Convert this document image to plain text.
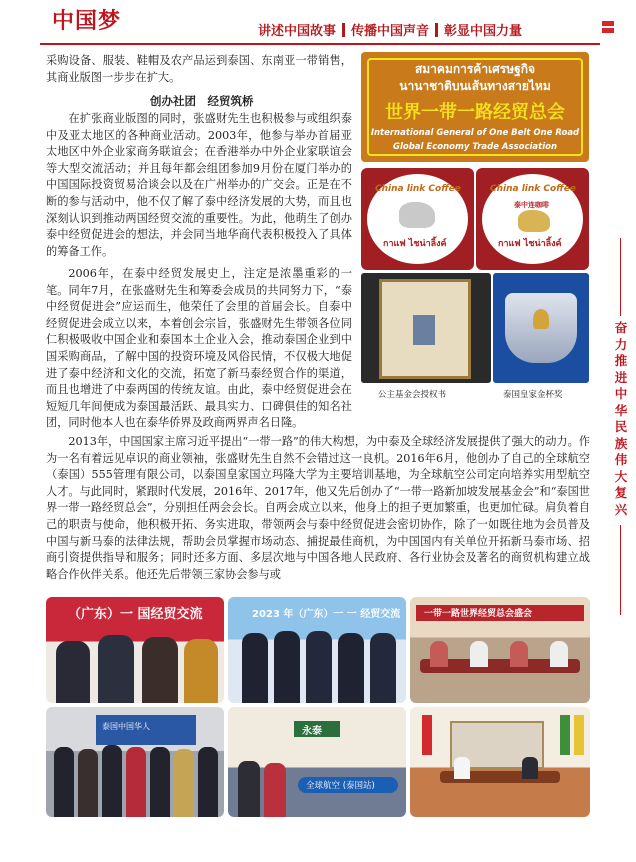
中国梦	讲述中国故事 传播中国声音 彰显中国力量

采购设备、服装、鞋帽及农产品运到泰国、东南亚一带销售，其商业版图一步步在扩大。

创办社团　经贸筑桥

在扩张商业版图的同时，张盛财先生也积极参与或组织泰中及亚太地区的各种商业活动。2003年，他参与举办首届亚太地区中外企业家商务联谊会；在香港举办中外企业家联谊会等大型交流活动；并且每年都会组团参加9月份在厦门举办的中国国际投资贸易洽谈会以及在广州举办的广交会。正是在不断的参与活动中，他不仅了解了泰中经济发展的大势，而且也深刻认识到推动两国经贸交流的重要性。为此，他萌生了创办泰中经贸促进会的想法，并会同当地华商代表积极投入了具体的筹备工作。

2006年，在泰中经贸发展史上，注定是浓墨重彩的一笔。同年7月，在张盛财先生和筹委会成员的共同努力下，“泰中经贸促进会”应运而生，他荣任了会里的首届会长。自泰中经贸促进会成立以来，本着创会宗旨，张盛财先生带领各位同仁积极吸收中国企业和泰国本土企业入会，推动泰国企业到中国采购商品，了解中国的投资环境及风俗民情，不仅极大地促进了泰中经济和文化的交流，拓宽了新马泰经贸合作的渠道，而且也增进了中泰两国的传统友谊。由此，泰中经贸促进会在短短几年间便成为泰国最活跃、最具实力、口碑俱佳的知名社团，同时他本人也在泰华侨界及政商两界声名日隆。

สมาคมการค้าเศรษฐกิจ
นานาชาติบนเส้นทางสายไหม
世界一带一路经贸总会
International General of One Belt One Road
Global Economy Trade Association
China link Coffee
กาแฟ ไชน่าลิ้งค์
China link Coffee
泰中连咖啡
กาแฟ ไชน่าลิ้งค์
公主基金会授权书	泰国皇家金杯奖

2013年，中国国家主席习近平提出“一带一路”的伟大构想，为中泰及全球经济发展提供了强大的动力。作为一名有着远见卓识的商业领袖，张盛财先生自然不会错过这一良机。2016年6月，他创办了自己的全球航空（泰国）555管理有限公司，以泰国皇家国立玛隆大学为主要培训基地，为全球航空公司定向培养实用型航空人才。与此同时，紧跟时代发展，2016年、2017年，他又先后创办了“一带一路新加坡发展基金会”和“泰国世界一带一路经贸总会”，分别担任两会会长。自两会成立以来，他身上的担子更加繁重，也更加忙碌。肩负着自己的职责与使命，他积极开拓、务实进取，带领两会与泰中经贸促进会密切协作，除了一如既往地为会员普及中国与新马泰的法律法规，帮助会员掌握市场动态、捕捉最佳商机，为中国国内有关单位开拓新马泰市场、招商引资提供指导和服务；同时还多方面、多层次地与中国各地人民政府、各行业协会及著名的商贸机构建立战略合作伙伴关系。他还先后带领三家协会参与或

奋
力
推
进
中
华
民
族
伟
大
复
兴
（广东）一 国经贸交流	2023 年（广东）一 一 经贸交流	一带一路世界经贸总会盛会
泰国中国华人	永泰
全球航空 (泰国站)
